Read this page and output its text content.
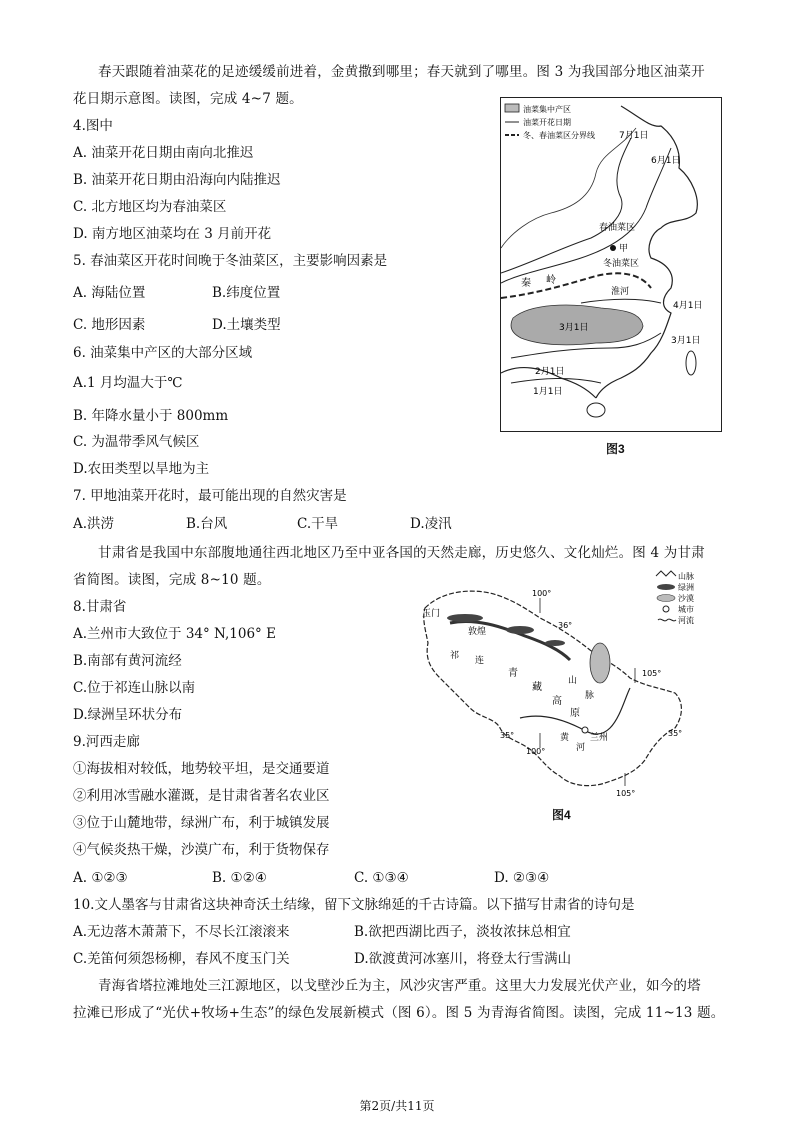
春天跟随着油菜花的足迹缓缓前进着，金黄撒到哪里；春天就到了哪里。图 3 为我国部分地区油菜开
花日期示意图。读图，完成 4~7 题。
4.图中
A. 油菜开花日期由南向北推迟
B. 油菜开花日期由沿海向内陆推迟
C. 北方地区均为春油菜区
D. 南方地区油菜均在 3 月前开花
5. 春油菜区开花时间晚于冬油菜区，主要影响因素是
A. 海陆位置	B.纬度位置
C. 地形因素	D.土壤类型
6. 油菜集中产区的大部分区域
A.1 月均温大于℃
B. 年降水量小于 800mm
C. 为温带季风气候区
D.农田类型以旱地为主
7. 甲地油菜开花时，最可能出现的自然灾害是
A.洪涝	B.台风	C.干旱	D.凌汛
甘肃省是我国中东部腹地通往西北地区乃至中亚各国的天然走廊，历史悠久、文化灿烂。图 4 为甘肃
省简图。读图，完成 8~10 题。
8.甘肃省
A.兰州市大致位于 34° N,106° E
B.南部有黄河流经
C.位于祁连山脉以南
D.绿洲呈环状分布
9.河西走廊
①海拔相对较低，地势较平坦，是交通要道
②利用冰雪融水灌溉，是甘肃省著名农业区
③位于山麓地带，绿洲广布，利于城镇发展
④气候炎热干燥，沙漠广布，利于货物保存
A. ①②③	B. ①②④	C. ①③④	D. ②③④
10.文人墨客与甘肃省这块神奇沃土结缘，留下文脉绵延的千古诗篇。以下描写甘肃省的诗句是
A.无边落木萧萧下，不尽长江滚滚来	B.欲把西湖比西子，淡妆浓抹总相宜
C.羌笛何须怨杨柳，春风不度玉门关	D.欲渡黄河冰塞川，将登太行雪满山
青海省塔拉滩地处三江源地区，以戈壁沙丘为主，风沙灾害严重。这里大力发展光伏产业，如今的塔
拉滩已形成了“光伏+牧场+生态”的绿色发展新模式（图 6）。图 5 为青海省简图。读图，完成 11~13 题。
油菜集中产区
油菜开花日期
冬、春油菜区分界线	7月1日
6月1日
春油菜区
甲
冬油菜区
秦 岭
淮河
4月1日
3月1日
3月1日
2月1日
1月1日
图3
山脉
绿洲
沙漠
城市
河流
100°
36°
玉门
敦煌
祁 连
青
藏
高
原
黄
河
兰州
山
脉
105°
35°
100°
35°
105°
图4
第2页/共11页
